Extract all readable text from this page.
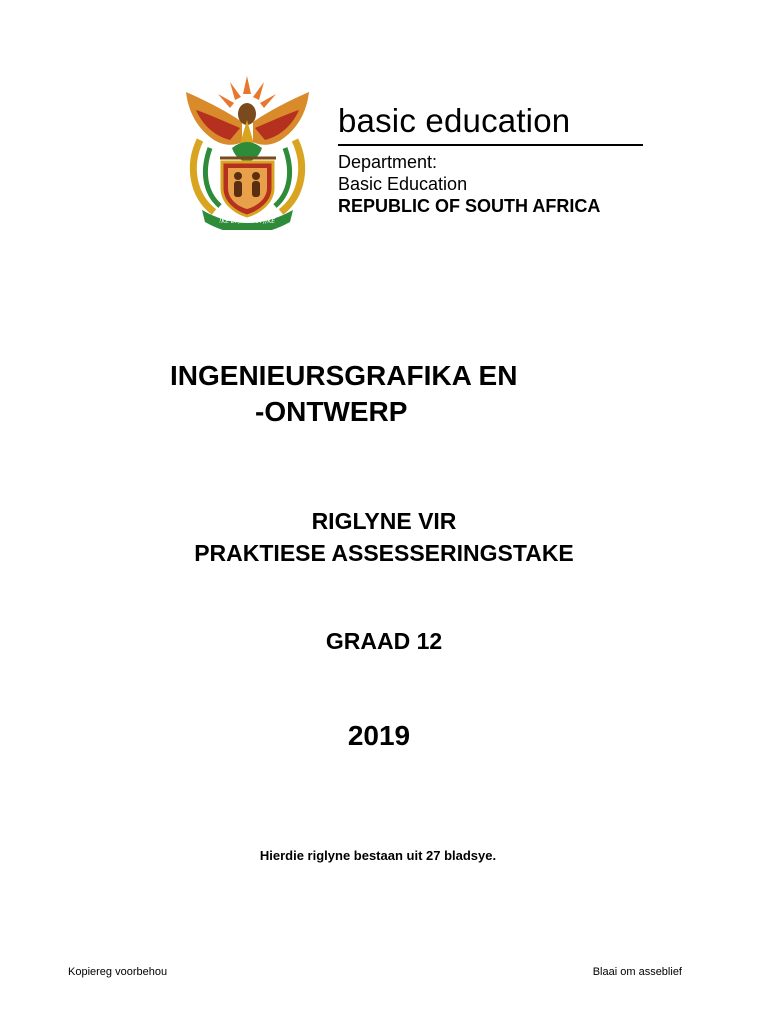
!KE E: /XARRA //KE
basic education
Department:
Basic Education
REPUBLIC OF SOUTH AFRICA
INGENIEURSGRAFIKA EN
-ONTWERP
RIGLYNE VIR
PRAKTIESE ASSESSERINGSTAKE
GRAAD 12
2019
Hierdie riglyne bestaan uit 27 bladsye.
Kopiereg voorbehou	Blaai om asseblief
